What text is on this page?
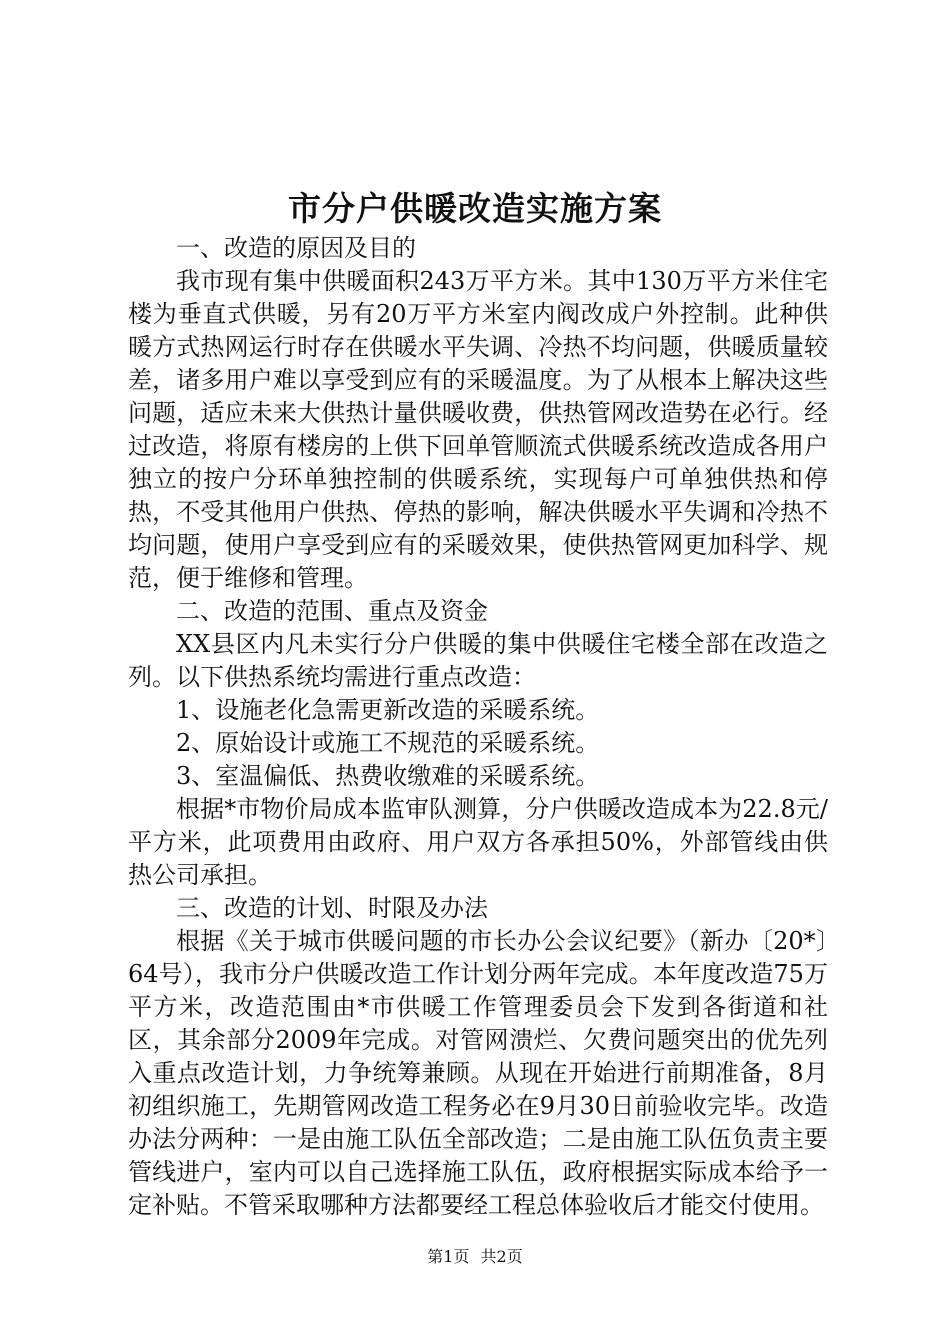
市分户供暖改造实施方案

一、改造的原因及目的

我市现有集中供暖面积243万平方米。其中130万平方米住宅楼为垂直式供暖，另有20万平方米室内阀改成户外控制。此种供暖方式热网运行时存在供暖水平失调、冷热不均问题，供暖质量较差，诸多用户难以享受到应有的采暖温度。为了从根本上解决这些问题，适应未来大供热计量供暖收费，供热管网改造势在必行。经过改造，将原有楼房的上供下回单管顺流式供暖系统改造成各用户独立的按户分环单独控制的供暖系统，实现每户可单独供热和停热，不受其他用户供热、停热的影响，解决供暖水平失调和冷热不均问题，使用户享受到应有的采暖效果，使供热管网更加科学、规范，便于维修和管理。

二、改造的范围、重点及资金

XX县区内凡未实行分户供暖的集中供暖住宅楼全部在改造之列。以下供热系统均需进行重点改造：

1、设施老化急需更新改造的采暖系统。

2、原始设计或施工不规范的采暖系统。

3、室温偏低、热费收缴难的采暖系统。

根据*市物价局成本监审队测算，分户供暖改造成本为22.8元/平方米，此项费用由政府、用户双方各承担50%，外部管线由供热公司承担。

三、改造的计划、时限及办法

根据《关于城市供暖问题的市长办公会议纪要》（新办〔20*〕64号），我市分户供暖改造工作计划分两年完成。本年度改造75万平方米，改造范围由*市供暖工作管理委员会下发到各街道和社区，其余部分2009年完成。对管网溃烂、欠费问题突出的优先列入重点改造计划，力争统筹兼顾。从现在开始进行前期准备，8月初组织施工，先期管网改造工程务必在9月30日前验收完毕。改造办法分两种：一是由施工队伍全部改造；二是由施工队伍负责主要管线进户，室内可以自己选择施工队伍，政府根据实际成本给予一定补贴。不管采取哪种方法都要经工程总体验收后才能交付使用。

第1页 共2页
